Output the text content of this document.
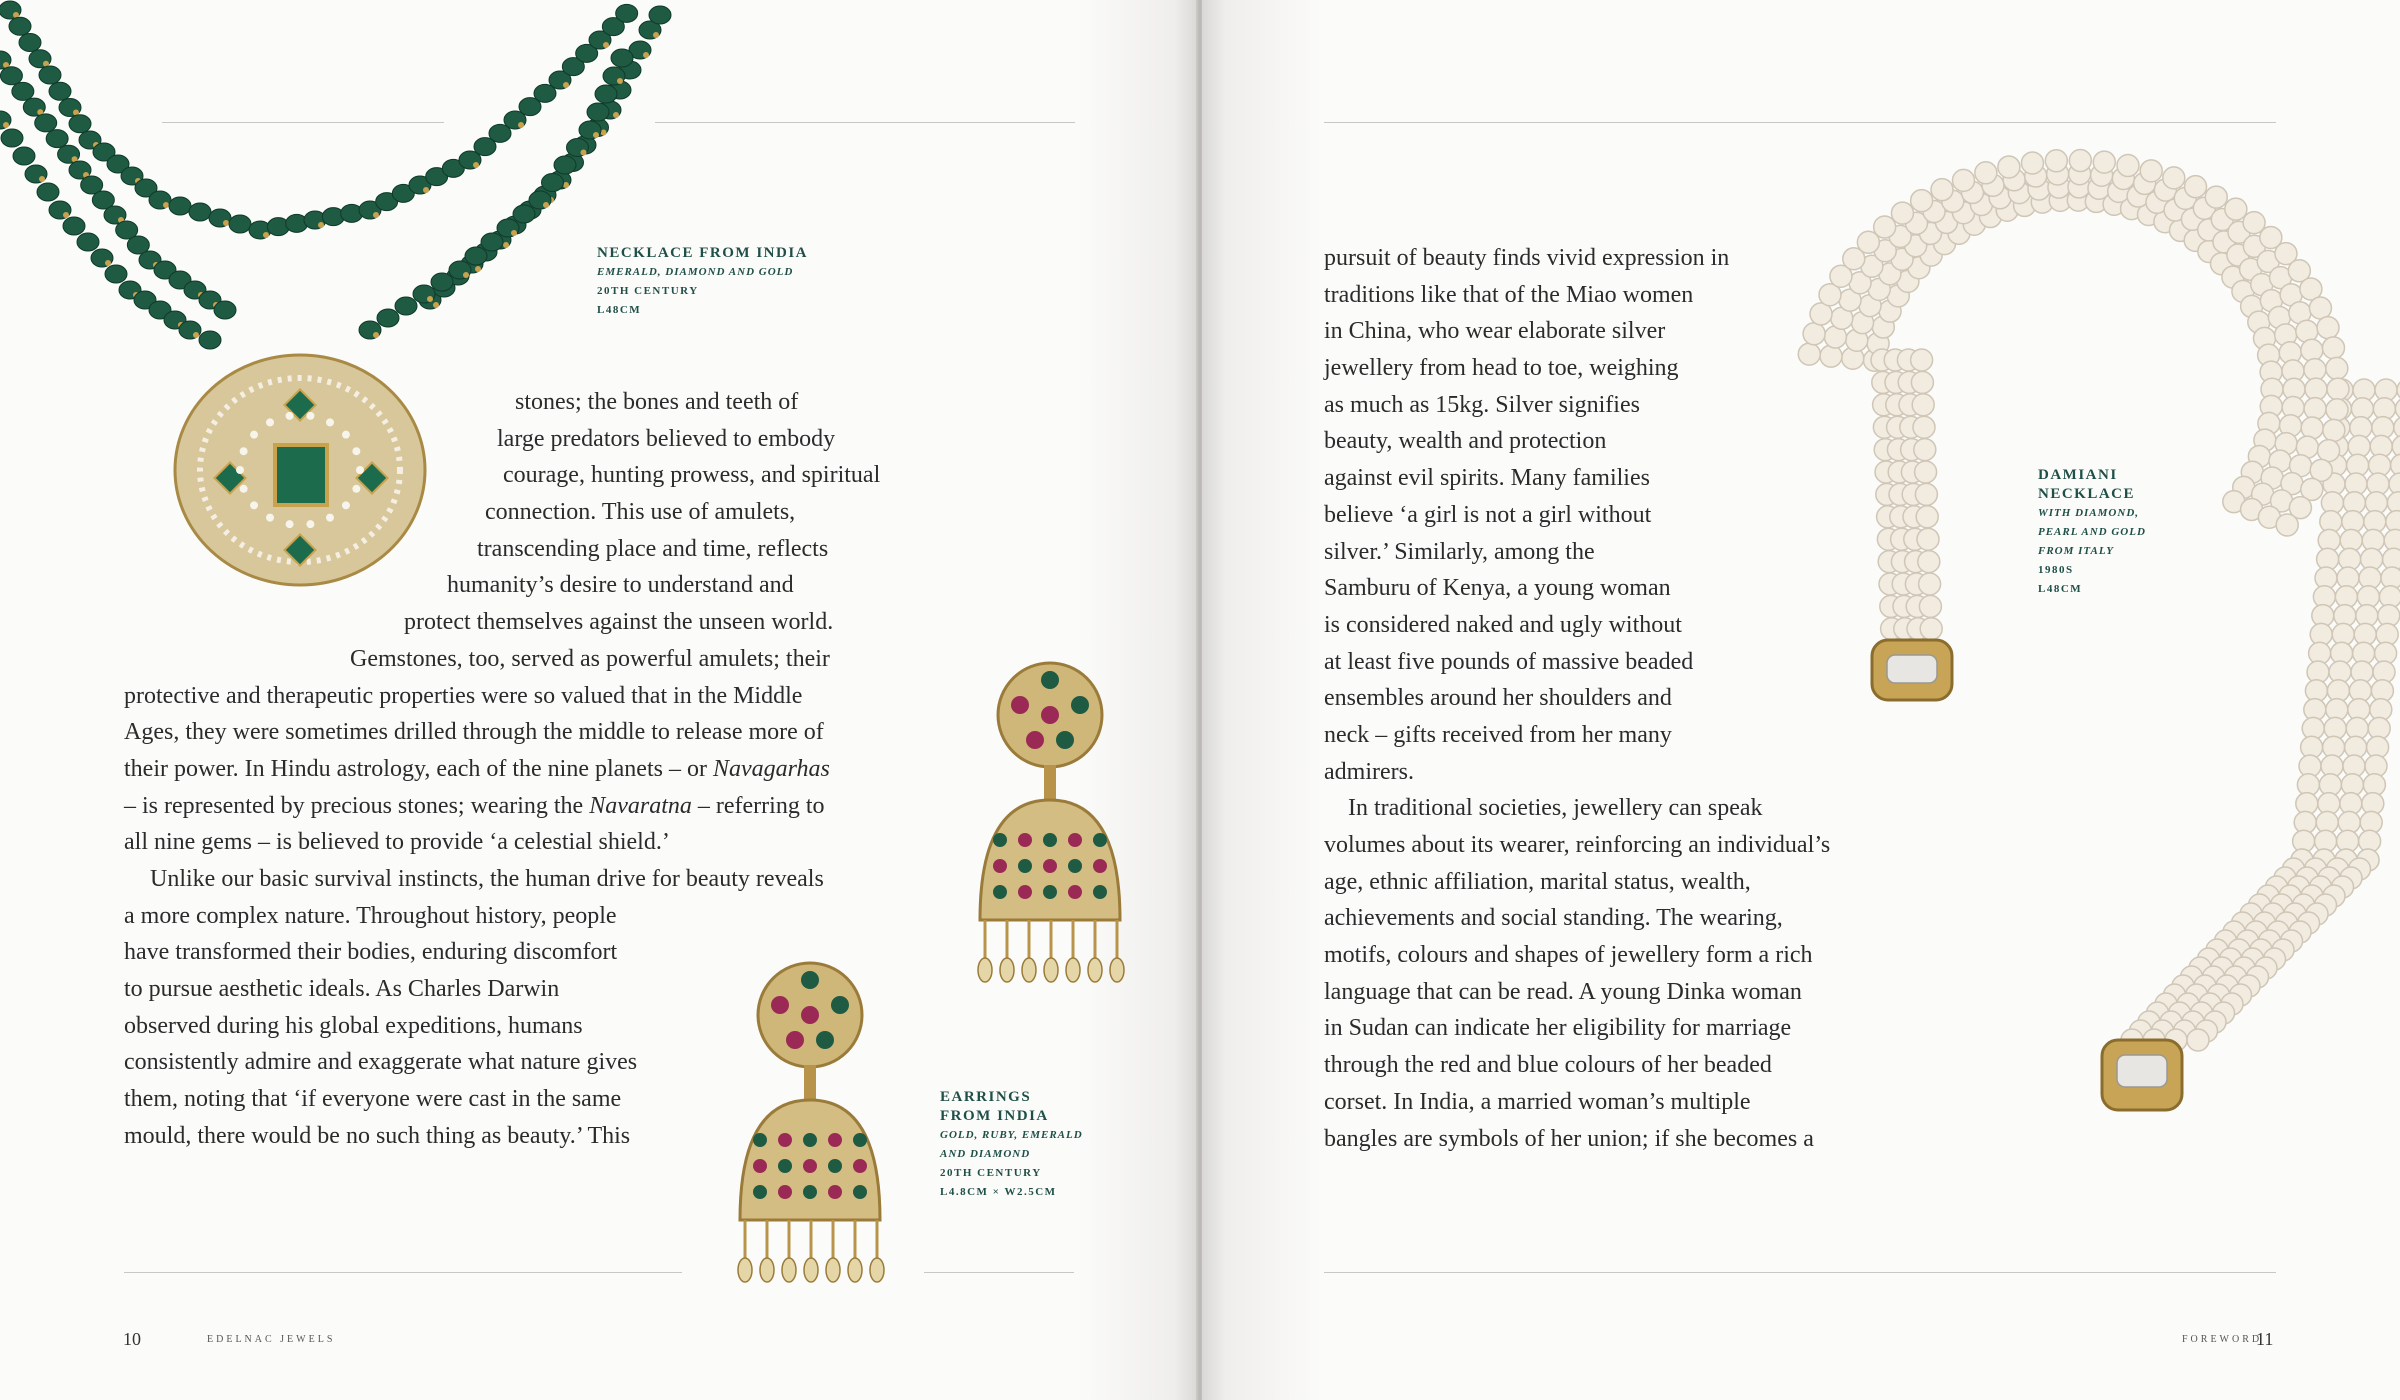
NECKLACE FROM INDIA
EMERALD, DIAMOND AND GOLD
20TH CENTURY
L48CM
EARRINGS
FROM INDIA
GOLD, RUBY, EMERALD
AND DIAMOND
20TH CENTURY
L4.8CM × W2.5CM
stones; the bones and teeth of
large predators believed to embody
courage, hunting prowess, and spiritual
connection. This use of amulets,
transcending place and time, reflects
humanity’s desire to understand and
protect themselves against the unseen world.
Gemstones, too, served as powerful amulets; their
protective and therapeutic properties were so valued that in the Middle
Ages, they were sometimes drilled through the middle to release more of
their power. In Hindu astrology, each of the nine planets – or Navagarhas
– is represented by precious stones; wearing the Navaratna – referring to
all nine gems – is believed to provide ‘a celestial shield.’
Unlike our basic survival instincts, the human drive for beauty reveals
a more complex nature. Throughout history, people
have transformed their bodies, enduring discomfort
to pursue aesthetic ideals. As Charles Darwin
observed during his global expeditions, humans
consistently admire and exaggerate what nature gives
them, noting that ‘if everyone were cast in the same
mould, there would be no such thing as beauty.’ This
10	EDELNAC JEWELS
DAMIANI
NECKLACE
WITH DIAMOND,
PEARL AND GOLD
FROM ITALY
1980S
L48CM
pursuit of beauty finds vivid expression in
traditions like that of the Miao women
in China, who wear elaborate silver
jewellery from head to toe, weighing
as much as 15kg. Silver signifies
beauty, wealth and protection
against evil spirits. Many families
believe ‘a girl is not a girl without
silver.’ Similarly, among the
Samburu of Kenya, a young woman
is considered naked and ugly without
at least five pounds of massive beaded
ensembles around her shoulders and
neck – gifts received from her many
admirers.
In traditional societies, jewellery can speak
volumes about its wearer, reinforcing an individual’s
age, ethnic affiliation, marital status, wealth,
achievements and social standing. The wearing,
motifs, colours and shapes of jewellery form a rich
language that can be read. A young Dinka woman
in Sudan can indicate her eligibility for marriage
through the red and blue colours of her beaded
corset. In India, a married woman’s multiple
bangles are symbols of her union; if she becomes a
FOREWORD
11
